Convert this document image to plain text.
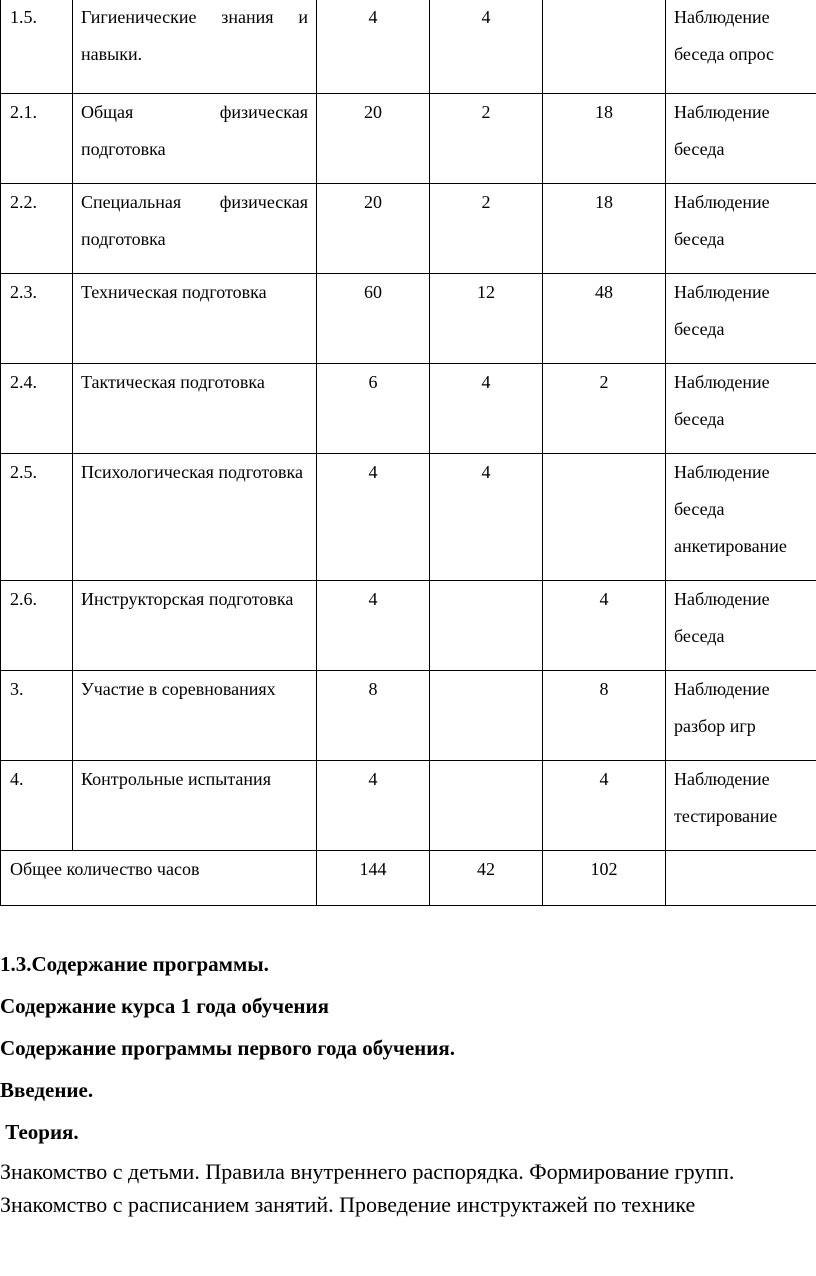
1.5.	Гигиенические знания и навыки.	4	4		Наблюдение беседа опрос
2.1.	Общая физическая подготовка	20	2	18	Наблюдение беседа
2.2.	Специальная физическая подготовка	20	2	18	Наблюдение беседа
2.3.	Техническая подготовка	60	12	48	Наблюдение беседа
2.4.	Тактическая подготовка	6	4	2	Наблюдение беседа
2.5.	Психологическая подготовка	4	4		Наблюдение беседа анкетирование
2.6.	Инструкторская подготовка	4		4	Наблюдение беседа
3.	Участие в соревнованиях	8		8	Наблюдение разбор игр
4.	Контрольные испытания	4		4	Наблюдение тестирование
Общее количество часов		144	42	102	
1.3.Содержание программы.
Содержание курса 1 года обучения
Содержание программы первого года обучения.
Введение.
Теория.
Знакомство с детьми. Правила внутреннего распорядка. Формирование групп. Знакомство с расписанием занятий. Проведение инструктажей по технике
